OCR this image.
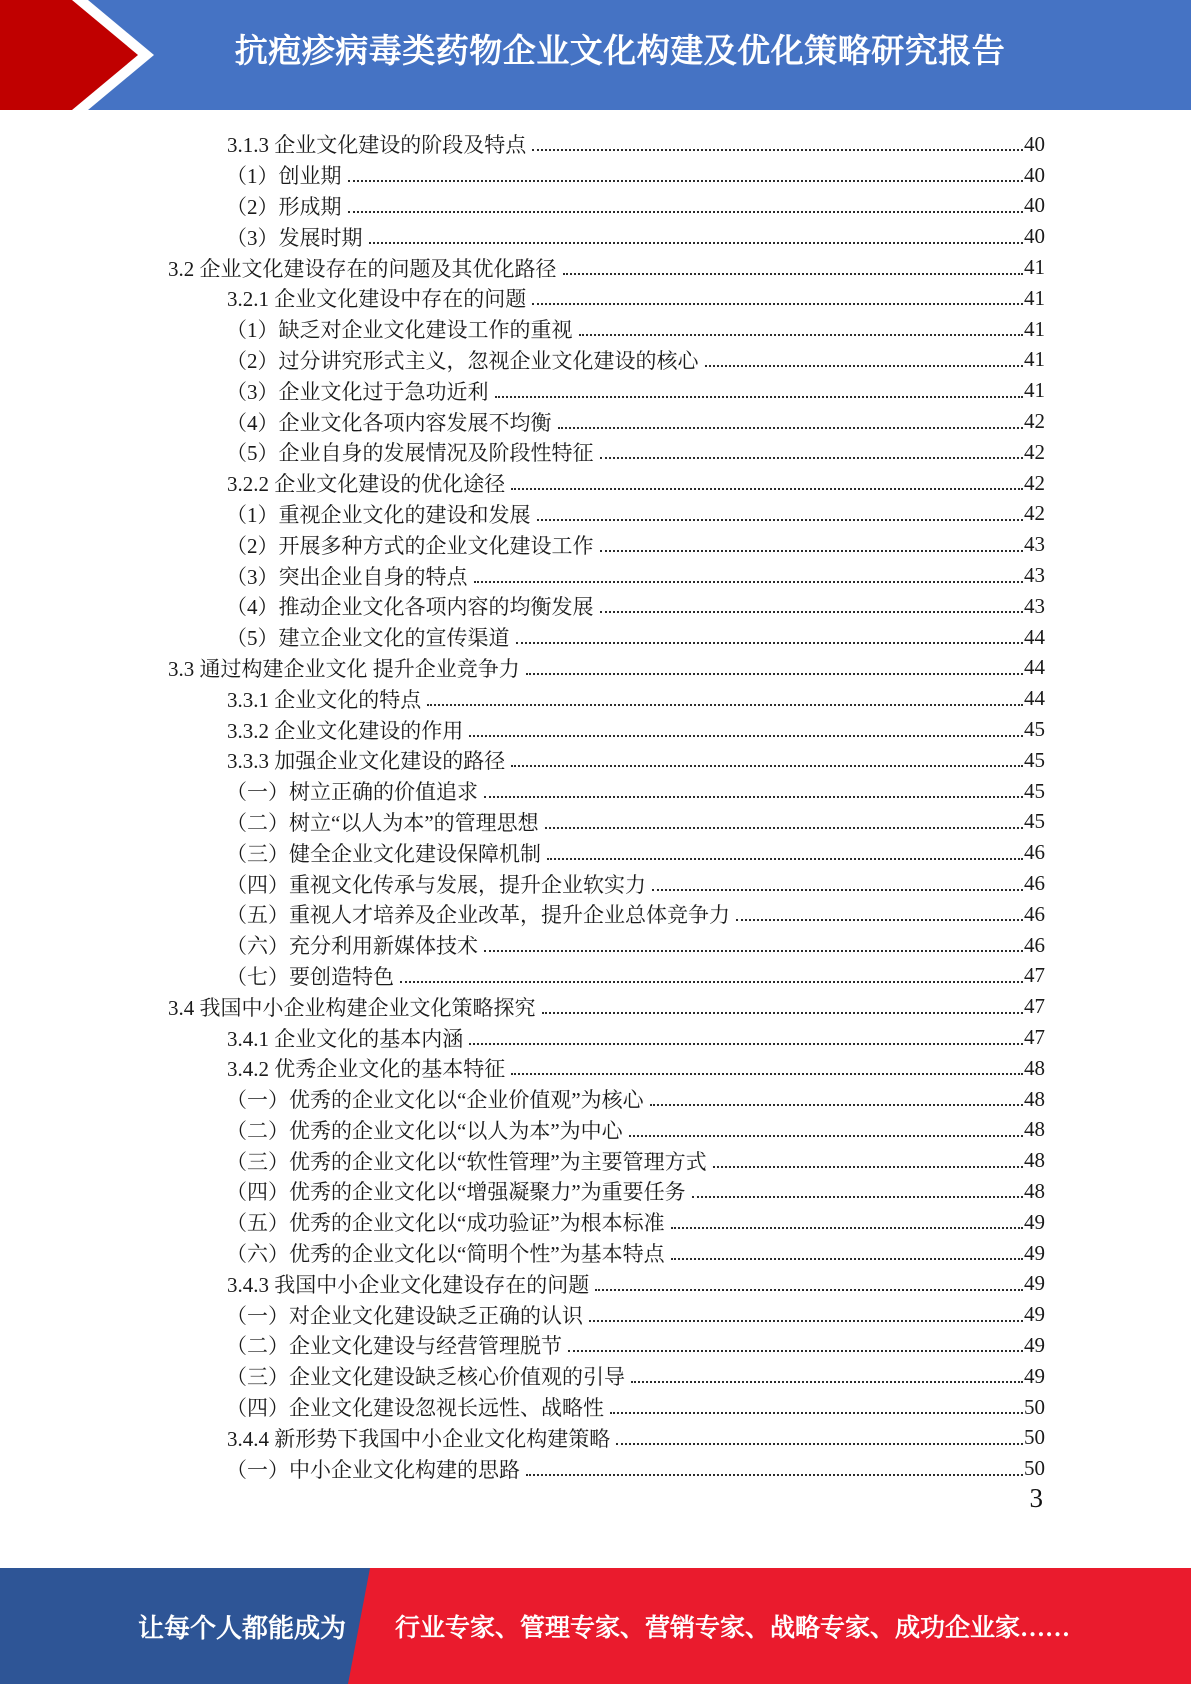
抗疱疹病毒类药物企业文化构建及优化策略研究报告
3.1.3 企业文化建设的阶段及特点	40
（1）创业期	40
（2）形成期	40
（3）发展时期	40
3.2 企业文化建设存在的问题及其优化路径	41
3.2.1 企业文化建设中存在的问题	41
（1）缺乏对企业文化建设工作的重视	41
（2）过分讲究形式主义，忽视企业文化建设的核心	41
（3）企业文化过于急功近利	41
（4）企业文化各项内容发展不均衡	42
（5）企业自身的发展情况及阶段性特征	42
3.2.2 企业文化建设的优化途径	42
（1）重视企业文化的建设和发展	42
（2）开展多种方式的企业文化建设工作	43
（3）突出企业自身的特点	43
（4）推动企业文化各项内容的均衡发展	43
（5）建立企业文化的宣传渠道	44
3.3 通过构建企业文化 提升企业竞争力	44
3.3.1 企业文化的特点	44
3.3.2 企业文化建设的作用	45
3.3.3 加强企业文化建设的路径	45
（一）树立正确的价值追求	45
（二）树立“以人为本”的管理思想	45
（三）健全企业文化建设保障机制	46
（四）重视文化传承与发展，提升企业软实力	46
（五）重视人才培养及企业改革，提升企业总体竞争力	46
（六）充分利用新媒体技术	46
（七）要创造特色	47
3.4 我国中小企业构建企业文化策略探究	47
3.4.1 企业文化的基本内涵	47
3.4.2 优秀企业文化的基本特征	48
（一）优秀的企业文化以“企业价值观”为核心	48
（二）优秀的企业文化以“以人为本”为中心	48
（三）优秀的企业文化以“软性管理”为主要管理方式	48
（四）优秀的企业文化以“增强凝聚力”为重要任务	48
（五）优秀的企业文化以“成功验证”为根本标准	49
（六）优秀的企业文化以“简明个性”为基本特点	49
3.4.3 我国中小企业文化建设存在的问题	49
（一）对企业文化建设缺乏正确的认识	49
（二）企业文化建设与经营管理脱节	49
（三）企业文化建设缺乏核心价值观的引导	49
（四）企业文化建设忽视长远性、战略性	50
3.4.4 新形势下我国中小企业文化构建策略	50
（一）中小企业文化构建的思路	50
3
让每个人都能成为 行业专家、管理专家、营销专家、战略专家、成功企业家……
